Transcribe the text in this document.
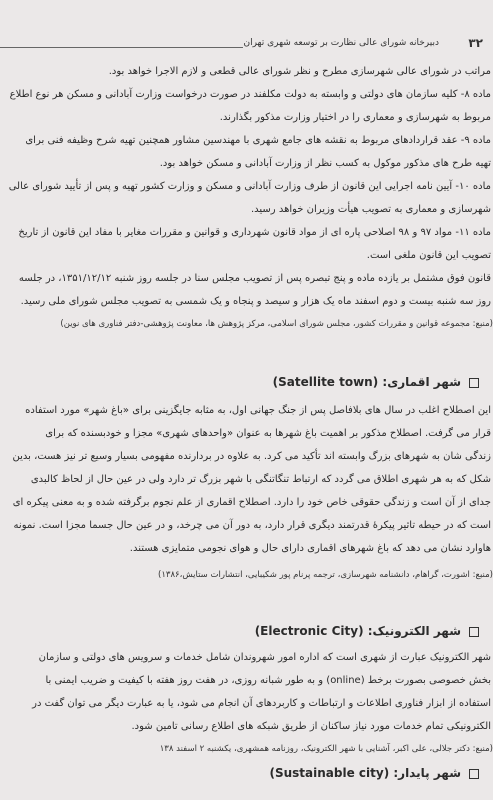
۳۲
دبیرخانه شورای عالی نظارت بر توسعه شهری تهران
مراتب در شورای عالی شهرسازی مطرح و نظر شورای عالی قطعی و لازم الاجرا خواهد بود.
ماده ۸- کلیه سازمان های دولتی و وابسته به دولت مکلفند در صورت درخواست وزارت آبادانی و مسکن هر نوع اطلاع
مربوط به شهرسازی و معماری را در اختیار وزارت مذکور بگذارند.
ماده ۹- عقد قراردادهای مربوط به نقشه های جامع شهری با مهندسین مشاور همچنین تهیه شرح وظیفه فنی برای
تهیه طرح های مذکور موکول به کسب نظر از وزارت آبادانی و مسکن خواهد بود.
ماده ۱۰- آیین نامه اجرایی این قانون از طرف وزارت آبادانی و مسکن و وزارت کشور تهیه و پس از تأیید شورای عالی
شهرسازی و معماری به تصویب هیأت وزیران خواهد رسید.
ماده ۱۱- مواد ۹۷ و ۹۸ اصلاحی پاره ای از مواد قانون شهرداری و قوانین و مقررات مغایر با مفاد این قانون از تاریخ
تصویب این قانون ملغی است.
قانون فوق مشتمل بر یازده ماده و پنج تبصره پس از تصویب مجلس سنا در جلسه روز شنبه ۱۳۵۱/۱۲/۱۲، در جلسه
روز سه شنبه بیست و دوم اسفند ماه یک هزار و سیصد و پنجاه و یک شمسی به تصویب مجلس شورای ملی رسید.
(منبع: مجموعه قوانین و مقررات کشور، مجلس شورای اسلامی، مرکز پژوهش ها، معاونت پژوهشی-دفتر فناوری های نوین)
شهر اقماری: (Satellite town)
این اصطلاح اغلب در سال های بلافاصل پس از جنگ جهانی اول، به مثابه جایگزینی برای «باغ شهر» مورد استفاده
قرار می گرفت. اصطلاح مذکور بر اهمیت باغ شهرها به عنوان «واحدهای شهری» مجزا و خودبسنده که برای
زندگی شان به شهرهای بزرگ وابسته اند تأکید می کرد. به علاوه در بردارنده مفهومی بسیار وسیع تر نیز هست، بدین
شکل که به هر شهری اطلاق می گردد که ارتباط تنگاتنگی با شهر بزرگ تر دارد ولی در عین حال از لحاظ کالبدی
جدای از آن است و زندگی حقوقی خاص خود را دارد. اصطلاح اقماری از علم نجوم برگرفته شده و به معنی پیکره ای
است که در حیطه تاثیر پیکرهٔ قدرتمند دیگری قرار دارد، به دور آن می چرخد، و در عین حال جسما مجزا است. نمونه
هاوارد نشان می دهد که باغ شهرهای اقماری دارای حال و هوای نجومی متمایزی هستند.
(منبع: اشورت، گراهام، دانشنامه شهرسازی، ترجمه پرنام پور شکیبایی، انتشارات ستایش،۱۳۸۶)
شهر الکترونیک: (Electronic City)
شهر الکترونیک عبارت از شهری است که اداره امور شهروندان شامل خدمات و سرویس های دولتی و سازمان
بخش خصوصی بصورت برخط (online) و به طور شبانه روزی، در هفت روز هفته با کیفیت و ضریب ایمنی با
استفاده از ابزار فناوری اطلاعات و ارتباطات و کاربردهای آن انجام می شود، یا به عبارت دیگر می توان گفت در
الکترونیکی تمام خدمات مورد نیاز ساکنان از طریق شبکه های اطلاع رسانی تامین شود.
(منبع: دکتر جلالی، علی اکبر، آشنایی با شهر الکترونیک، روزنامه همشهری، یکشنبه ۲ اسفند ۱۳۸
شهر پایدار: (Sustainable city)
